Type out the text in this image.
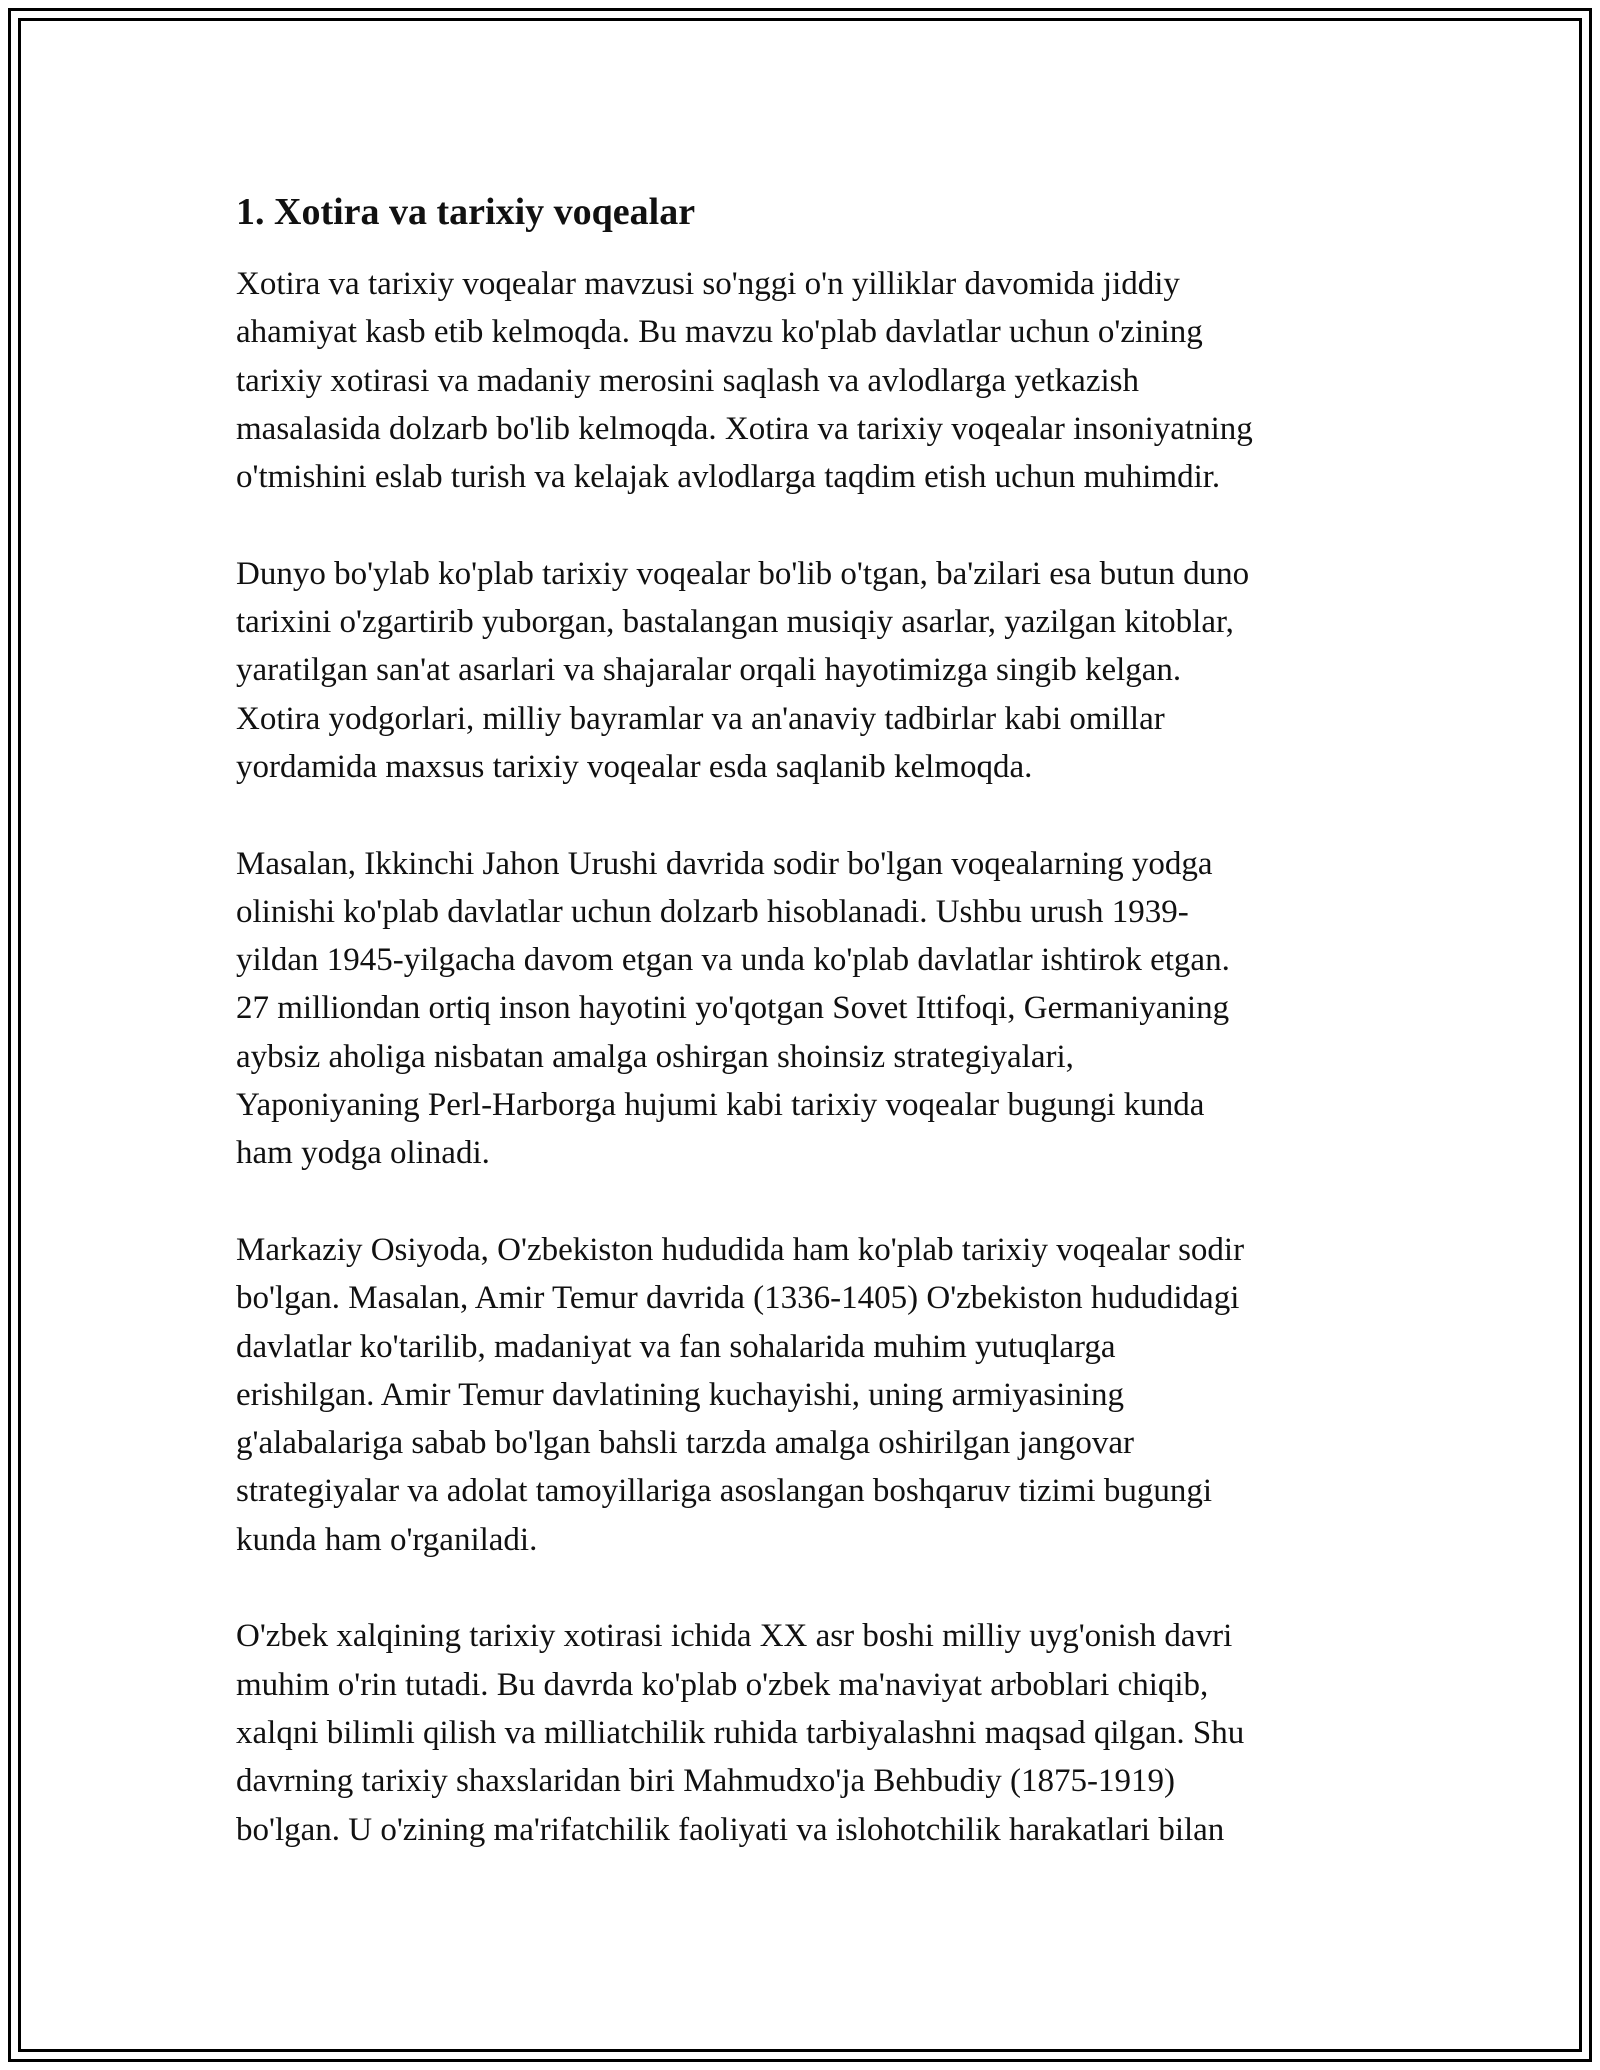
1. Xotira va tarixiy voqealar

Xotira va tarixiy voqealar mavzusi so'nggi o'n yilliklar davomida jiddiy
ahamiyat kasb etib kelmoqda. Bu mavzu ko'plab davlatlar uchun o'zining
tarixiy xotirasi va madaniy merosini saqlash va avlodlarga yetkazish
masalasida dolzarb bo'lib kelmoqda. Xotira va tarixiy voqealar insoniyatning
o'tmishini eslab turish va kelajak avlodlarga taqdim etish uchun muhimdir.

Dunyo bo'ylab ko'plab tarixiy voqealar bo'lib o'tgan, ba'zilari esa butun duno
tarixini o'zgartirib yuborgan, bastalangan musiqiy asarlar, yazilgan kitoblar,
yaratilgan san'at asarlari va shajaralar orqali hayotimizga singib kelgan.
Xotira yodgorlari, milliy bayramlar va an'anaviy tadbirlar kabi omillar
yordamida maxsus tarixiy voqealar esda saqlanib kelmoqda.

Masalan, Ikkinchi Jahon Urushi davrida sodir bo'lgan voqealarning yodga
olinishi ko'plab davlatlar uchun dolzarb hisoblanadi. Ushbu urush 1939-
yildan 1945-yilgacha davom etgan va unda ko'plab davlatlar ishtirok etgan.
27 milliondan ortiq inson hayotini yo'qotgan Sovet Ittifoqi, Germaniyaning
aybsiz aholiga nisbatan amalga oshirgan shoinsiz strategiyalari,
Yaponiyaning Perl-Harborga hujumi kabi tarixiy voqealar bugungi kunda
ham yodga olinadi.

Markaziy Osiyoda, O'zbekiston hududida ham ko'plab tarixiy voqealar sodir
bo'lgan. Masalan, Amir Temur davrida (1336-1405) O'zbekiston hududidagi
davlatlar ko'tarilib, madaniyat va fan sohalarida muhim yutuqlarga
erishilgan. Amir Temur davlatining kuchayishi, uning armiyasining
g'alabalariga sabab bo'lgan bahsli tarzda amalga oshirilgan jangovar
strategiyalar va adolat tamoyillariga asoslangan boshqaruv tizimi bugungi
kunda ham o'rganiladi.

O'zbek xalqining tarixiy xotirasi ichida XX asr boshi milliy uyg'onish davri
muhim o'rin tutadi. Bu davrda ko'plab o'zbek ma'naviyat arboblari chiqib,
xalqni bilimli qilish va milliatchilik ruhida tarbiyalashni maqsad qilgan. Shu
davrning tarixiy shaxslaridan biri Mahmudxo'ja Behbudiy (1875-1919)
bo'lgan. U o'zining ma'rifatchilik faoliyati va islohotchilik harakatlari bilan
